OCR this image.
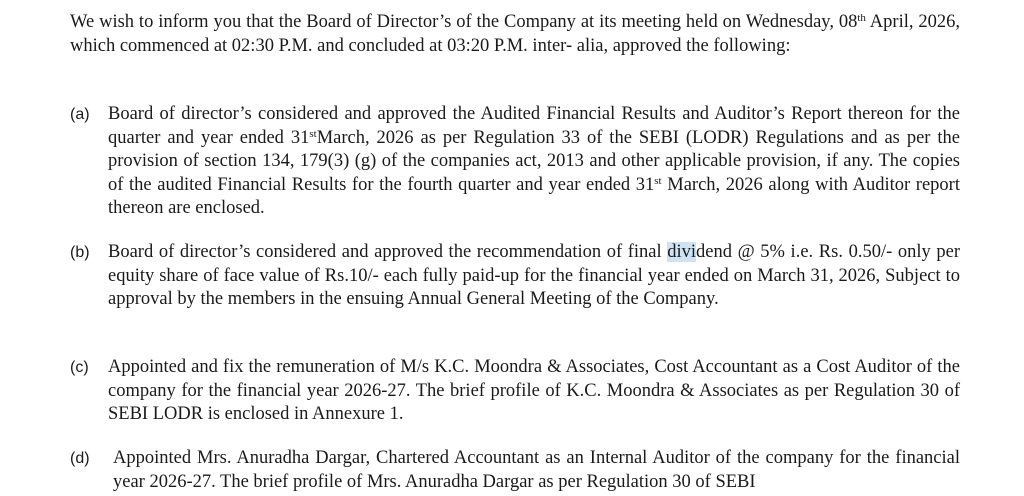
We wish to inform you that the Board of Director’s of the Company at its meeting held on Wednesday, 08th April, 2026, which commenced at 02:30 P.M. and concluded at 03:20 P.M. inter- alia, approved the following:

(a) Board of director’s considered and approved the Audited Financial Results and Auditor’s Report thereon for the quarter and year ended 31stMarch, 2026 as per Regulation 33 of the SEBI (LODR) Regulations and as per the provision of section 134, 179(3) (g) of the companies act, 2013 and other applicable provision, if any. The copies of the audited Financial Results for the fourth quarter and year ended 31st March, 2026 along with Auditor report thereon are enclosed.
(b) Board of director’s considered and approved the recommendation of final dividend @ 5% i.e. Rs. 0.50/- only per equity share of face value of Rs.10/- each fully paid-up for the financial year ended on March 31, 2026, Subject to approval by the members in the ensuing Annual General Meeting of the Company.
(c) Appointed and fix the remuneration of M/s K.C. Moondra & Associates, Cost Accountant as a Cost Auditor of the company for the financial year 2026-27. The brief profile of K.C. Moondra & Associates as per Regulation 30 of SEBI LODR is enclosed in Annexure 1.
(d) Appointed Mrs. Anuradha Dargar, Chartered Accountant as an Internal Auditor of the company for the financial year 2026-27. The brief profile of Mrs. Anuradha Dargar as per Regulation 30 of SEBI
